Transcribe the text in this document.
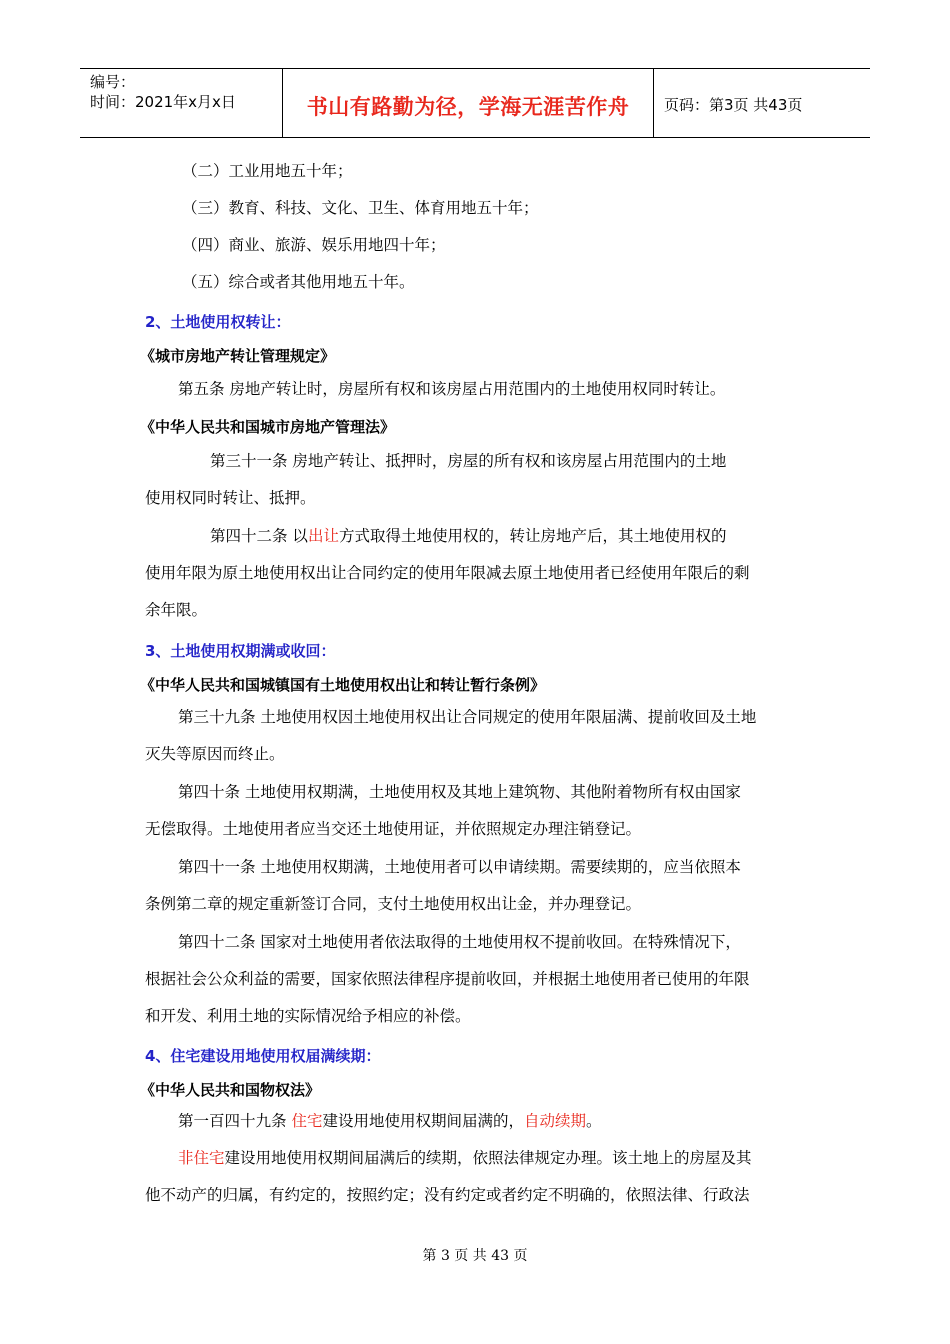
编号：
时间：2021年x月x日	书山有路勤为径，学海无涯苦作舟	页码：第3页 共43页
（二）工业用地五十年；
（三）教育、科技、文化、卫生、体育用地五十年；
（四）商业、旅游、娱乐用地四十年；
（五）综合或者其他用地五十年。
2、土地使用权转让：
《城市房地产转让管理规定》
第五条 房地产转让时，房屋所有权和该房屋占用范围内的土地使用权同时转让。
《中华人民共和国城市房地产管理法》
第三十一条 房地产转让、抵押时，房屋的所有权和该房屋占用范围内的土地
使用权同时转让、抵押。
第四十二条 以出让方式取得土地使用权的，转让房地产后，其土地使用权的
使用年限为原土地使用权出让合同约定的使用年限减去原土地使用者已经使用年限后的剩
余年限。
3、土地使用权期满或收回：
《中华人民共和国城镇国有土地使用权出让和转让暂行条例》
第三十九条 土地使用权因土地使用权出让合同规定的使用年限届满、提前收回及土地
灭失等原因而终止。
第四十条 土地使用权期满，土地使用权及其地上建筑物、其他附着物所有权由国家
无偿取得。土地使用者应当交还土地使用证，并依照规定办理注销登记。
第四十一条 土地使用权期满，土地使用者可以申请续期。需要续期的，应当依照本
条例第二章的规定重新签订合同，支付土地使用权出让金，并办理登记。
第四十二条 国家对土地使用者依法取得的土地使用权不提前收回。在特殊情况下，
根据社会公众利益的需要，国家依照法律程序提前收回，并根据土地使用者已使用的年限
和开发、利用土地的实际情况给予相应的补偿。
4、住宅建设用地使用权届满续期：
《中华人民共和国物权法》
第一百四十九条 住宅建设用地使用权期间届满的，自动续期。
非住宅建设用地使用权期间届满后的续期，依照法律规定办理。该土地上的房屋及其
他不动产的归属，有约定的，按照约定；没有约定或者约定不明确的，依照法律、行政法
第 3 页 共 43 页
